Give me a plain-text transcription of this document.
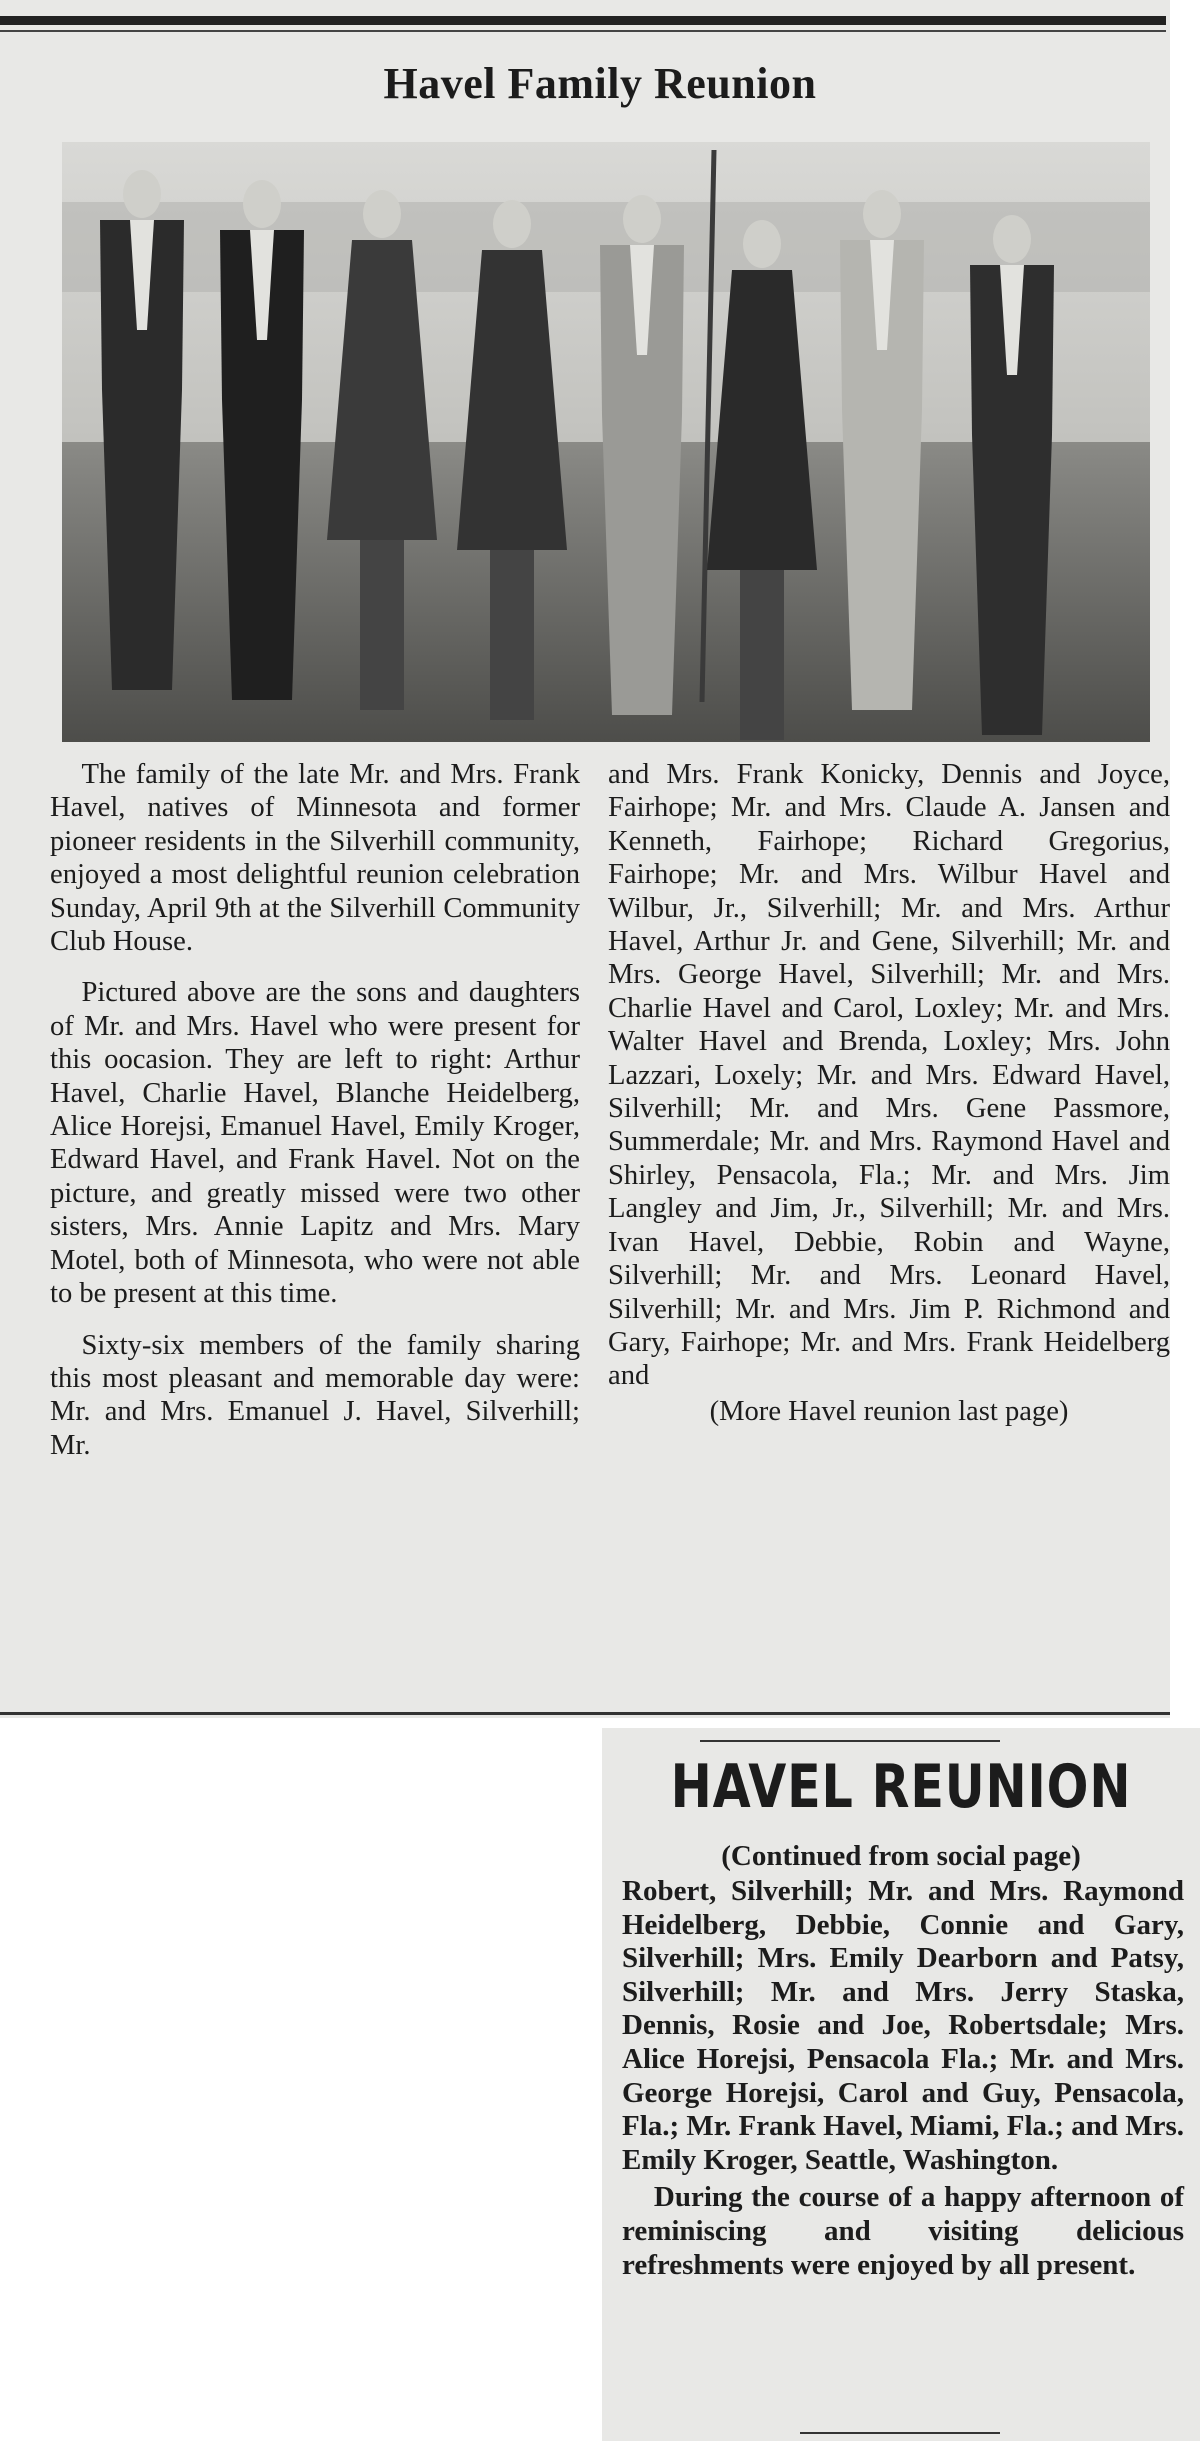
Havel Family Reunion

The family of the late Mr. and Mrs. Frank Havel, natives of Minnesota and former pioneer residents in the Silverhill community, enjoyed a most delightful reunion celebration Sunday, April 9th at the Silverhill Community Club House.

Pictured above are the sons and daughters of Mr. and Mrs. Havel who were present for this oocasion. They are left to right: Arthur Havel, Charlie Havel, Blanche Heidelberg, Alice Horejsi, Emanuel Havel, Emily Kroger, Edward Havel, and Frank Havel. Not on the picture, and greatly missed were two other sisters, Mrs. Annie Lapitz and Mrs. Mary Motel, both of Minnesota, who were not able to be present at this time.

Sixty-six members of the family sharing this most pleasant and memorable day were: Mr. and Mrs. Emanuel J. Havel, Silverhill; Mr.

and Mrs. Frank Konicky, Dennis and Joyce, Fairhope; Mr. and Mrs. Claude A. Jansen and Kenneth, Fairhope; Richard Gregorius, Fairhope; Mr. and Mrs. Wilbur Havel and Wilbur, Jr., Silverhill; Mr. and Mrs. Arthur Havel, Arthur Jr. and Gene, Silverhill; Mr. and Mrs. George Havel, Silverhill; Mr. and Mrs. Charlie Havel and Carol, Loxley; Mr. and Mrs. Walter Havel and Brenda, Loxley; Mrs. John Lazzari, Loxely; Mr. and Mrs. Edward Havel, Silverhill; Mr. and Mrs. Gene Passmore, Summerdale; Mr. and Mrs. Raymond Havel and Shirley, Pensacola, Fla.; Mr. and Mrs. Jim Langley and Jim, Jr., Silverhill; Mr. and Mrs. Ivan Havel, Debbie, Robin and Wayne, Silverhill; Mr. and Mrs. Leonard Havel, Silverhill; Mr. and Mrs. Jim P. Richmond and Gary, Fairhope; Mr. and Mrs. Frank Heidelberg and

(More Havel reunion last page)
HAVEL REUNION
(Continued from social page)

Robert, Silverhill; Mr. and Mrs. Raymond Heidelberg, Debbie, Connie and Gary, Silverhill; Mrs. Emily Dearborn and Patsy, Silverhill; Mr. and Mrs. Jerry Staska, Dennis, Rosie and Joe, Robertsdale; Mrs. Alice Horejsi, Pensacola Fla.; Mr. and Mrs. George Horejsi, Carol and Guy, Pensacola, Fla.; Mr. Frank Havel, Miami, Fla.; and Mrs. Emily Kroger, Seattle, Washington.

During the course of a happy afternoon of reminiscing and visiting delicious refreshments were enjoyed by all present.
